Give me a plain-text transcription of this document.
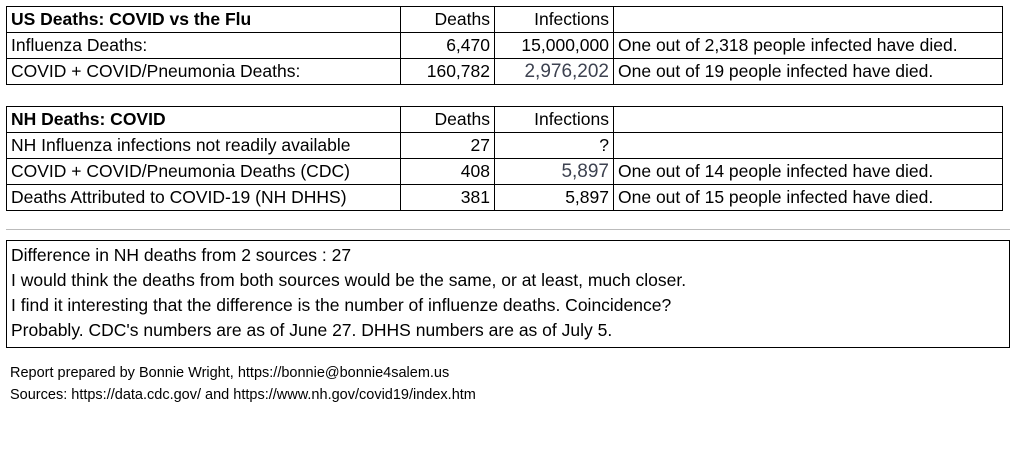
US Deaths: COVID vs the Flu	Deaths	Infections	
Influenza Deaths:	6,470	15,000,000	One out of 2,318 people infected have died.
COVID + COVID/Pneumonia Deaths:	160,782	2,976,202	One out of 19 people infected have died.
NH Deaths: COVID	Deaths	Infections	
NH Influenza infections not readily available	27	?	
COVID + COVID/Pneumonia Deaths (CDC)	408	5,897	One out of 14 people infected have died.
Deaths Attributed to COVID-19 (NH DHHS)	381	5,897	One out of 15 people infected have died.
Difference in NH deaths from 2 sources : 27
I would think the deaths from both sources would be the same, or at least, much closer.
I find it interesting that the difference is the number of influenze deaths. Coincidence?
Probably. CDC's numbers are as of June 27. DHHS numbers are as of July 5.
Report prepared by Bonnie Wright, https://bonnie@bonnie4salem.us
Sources: https://data.cdc.gov/ and https://www.nh.gov/covid19/index.htm
